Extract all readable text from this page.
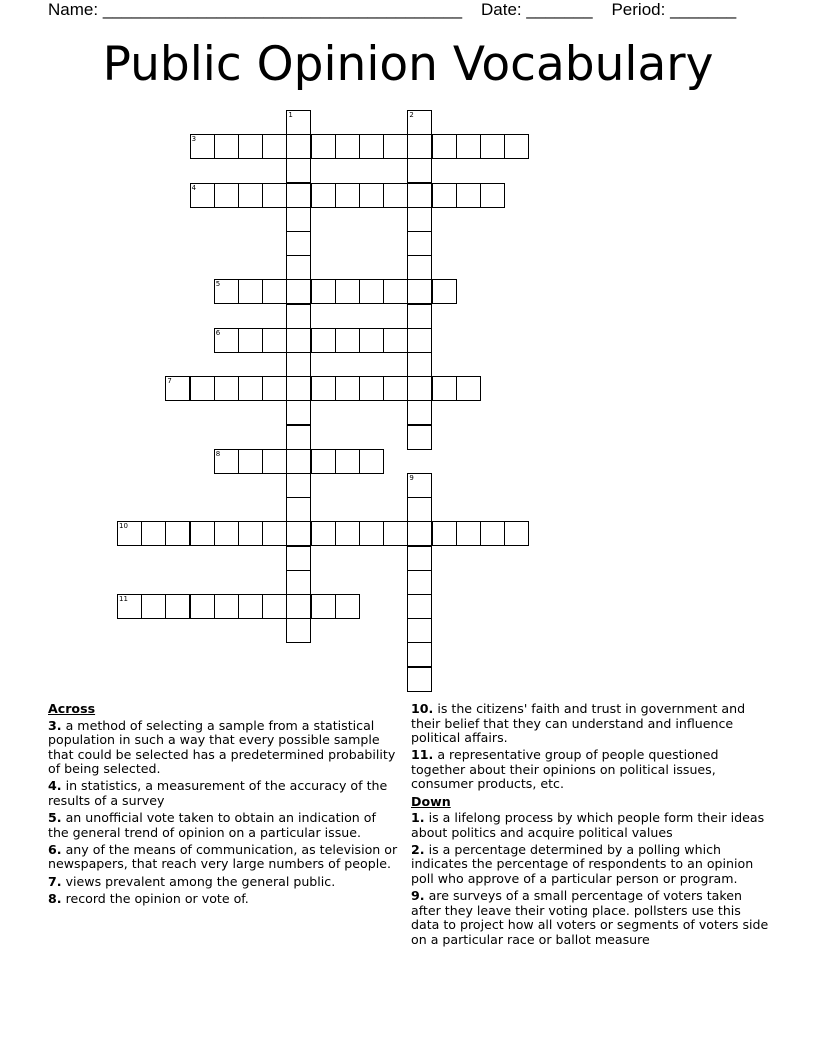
Name: ______________________________________ Date: _______ Period: _______
Public Opinion Vocabulary
3
4
5
6
7
8
10
11
1	2
9
Across
3. a method of selecting a sample from a statistical population in such a way that every possible sample that could be selected has a predetermined probability of being selected.
4. in statistics, a measurement of the accuracy of the results of a survey
5. an unofficial vote taken to obtain an indication of the general trend of opinion on a particular issue.
6. any of the means of communication, as television or newspapers, that reach very large numbers of people.
7. views prevalent among the general public.
8. record the opinion or vote of.
10. is the citizens' faith and trust in government and their belief that they can understand and influence political affairs.
11. a representative group of people questioned together about their opinions on political issues, consumer products, etc.
Down
1. is a lifelong process by which people form their ideas about politics and acquire political values
2. is a percentage determined by a polling which indicates the percentage of respondents to an opinion poll who approve of a particular person or program.
9. are surveys of a small percentage of voters taken after they leave their voting place. pollsters use this data to project how all voters or segments of voters side on a particular race or ballot measure
